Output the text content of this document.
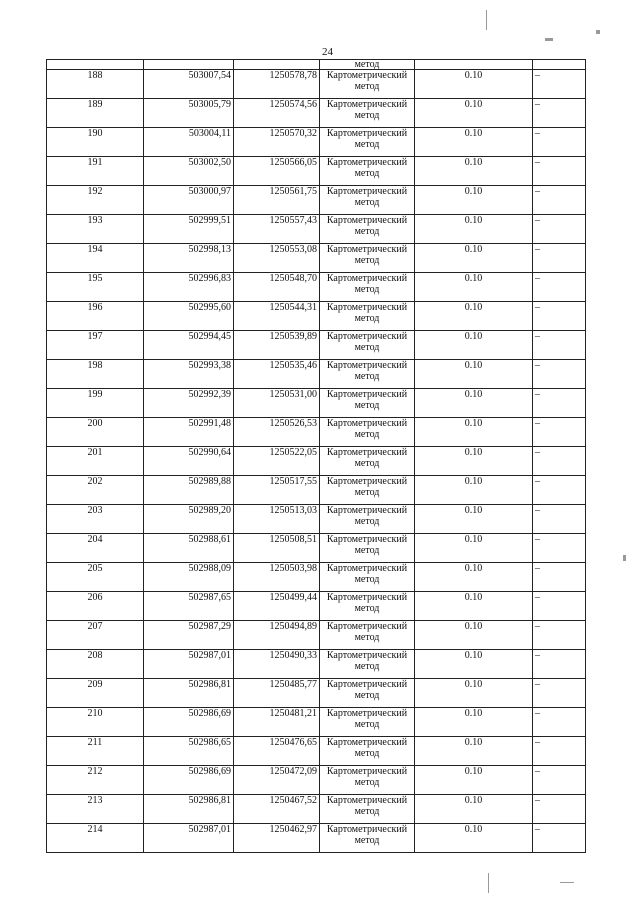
24
			метод		
188	503007,54	1250578,78	Картометрический метод	0.10	–
189	503005,79	1250574,56	Картометрический метод	0.10	–
190	503004,11	1250570,32	Картометрический метод	0.10	–
191	503002,50	1250566,05	Картометрический метод	0.10	–
192	503000,97	1250561,75	Картометрический метод	0.10	–
193	502999,51	1250557,43	Картометрический метод	0.10	–
194	502998,13	1250553,08	Картометрический метод	0.10	–
195	502996,83	1250548,70	Картометрический метод	0.10	–
196	502995,60	1250544,31	Картометрический метод	0.10	–
197	502994,45	1250539,89	Картометрический метод	0.10	–
198	502993,38	1250535,46	Картометрический метод	0.10	–
199	502992,39	1250531,00	Картометрический метод	0.10	–
200	502991,48	1250526,53	Картометрический метод	0.10	–
201	502990,64	1250522,05	Картометрический метод	0.10	–
202	502989,88	1250517,55	Картометрический метод	0.10	–
203	502989,20	1250513,03	Картометрический метод	0.10	–
204	502988,61	1250508,51	Картометрический метод	0.10	–
205	502988,09	1250503,98	Картометрический метод	0.10	–
206	502987,65	1250499,44	Картометрический метод	0.10	–
207	502987,29	1250494,89	Картометрический метод	0.10	–
208	502987,01	1250490,33	Картометрический метод	0.10	–
209	502986,81	1250485,77	Картометрический метод	0.10	–
210	502986,69	1250481,21	Картометрический метод	0.10	–
211	502986,65	1250476,65	Картометрический метод	0.10	–
212	502986,69	1250472,09	Картометрический метод	0.10	–
213	502986,81	1250467,52	Картометрический метод	0.10	–
214	502987,01	1250462,97	Картометрический метод	0.10	–
